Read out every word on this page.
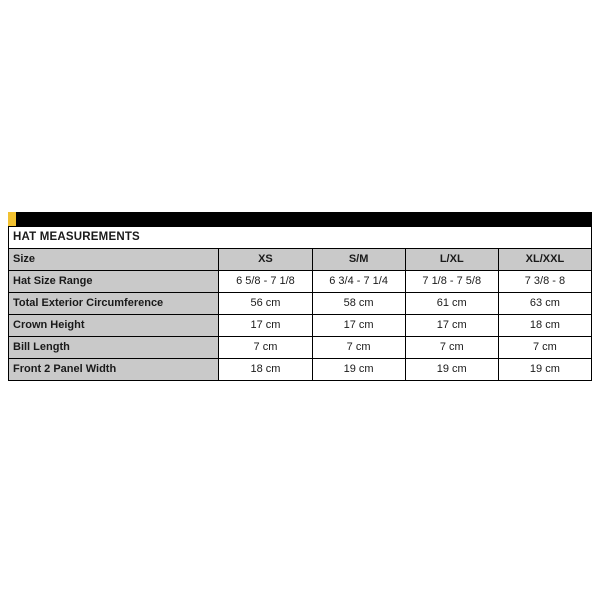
HAT MEASUREMENTS				
Size	XS	S/M	L/XL	XL/XXL
Hat Size Range	6 5/8 - 7 1/8	6 3/4 - 7 1/4	7 1/8 - 7 5/8	7 3/8 - 8
Total Exterior Circumference	56 cm	58 cm	61 cm	63 cm
Crown Height	17 cm	17 cm	17 cm	18 cm
Bill Length	7 cm	7 cm	7 cm	7 cm
Front 2 Panel Width	18 cm	19 cm	19 cm	19 cm
